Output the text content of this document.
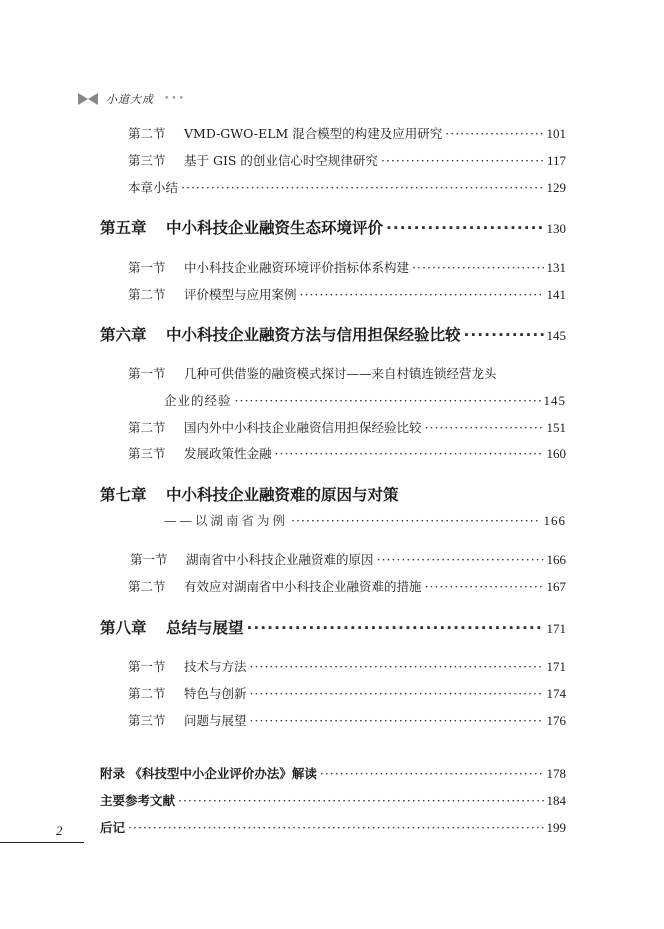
小道大成 •••
第二节	VMD-GWO-ELM 混合模型的构建及应用研究 ·····	101
第三节	基于 GIS 的创业信心时空规律研究 ·····	117
本章小结 ·····	129
第五章	中小科技企业融资生态环境评价 ·····	130
第一节	中小科技企业融资环境评价指标体系构建 ·····	131
第二节	评价模型与应用案例 ·····	141
第六章	中小科技企业融资方法与信用担保经验比较 ·····	145
第一节	几种可供借鉴的融资模式探讨——来自村镇连锁经营龙头
企业的经验 ·····	145
第二节	国内外中小科技企业融资信用担保经验比较 ·····	151
第三节	发展政策性金融 ·····	160
第七章	中小科技企业融资难的原因与对策
——以湖南省为例 ·····	166
第一节	湖南省中小科技企业融资难的原因 ·····	166
第二节	有效应对湖南省中小科技企业融资难的措施 ·····	167
第八章	总结与展望 ·····	171
第一节	技术与方法 ·····	171
第二节	特色与创新 ·····	174
第三节	问题与展望 ·····	176
附录 《科技型中小企业评价办法》解读 ·····	178
主要参考文献 ·····	184
后记 ·····	199
2
